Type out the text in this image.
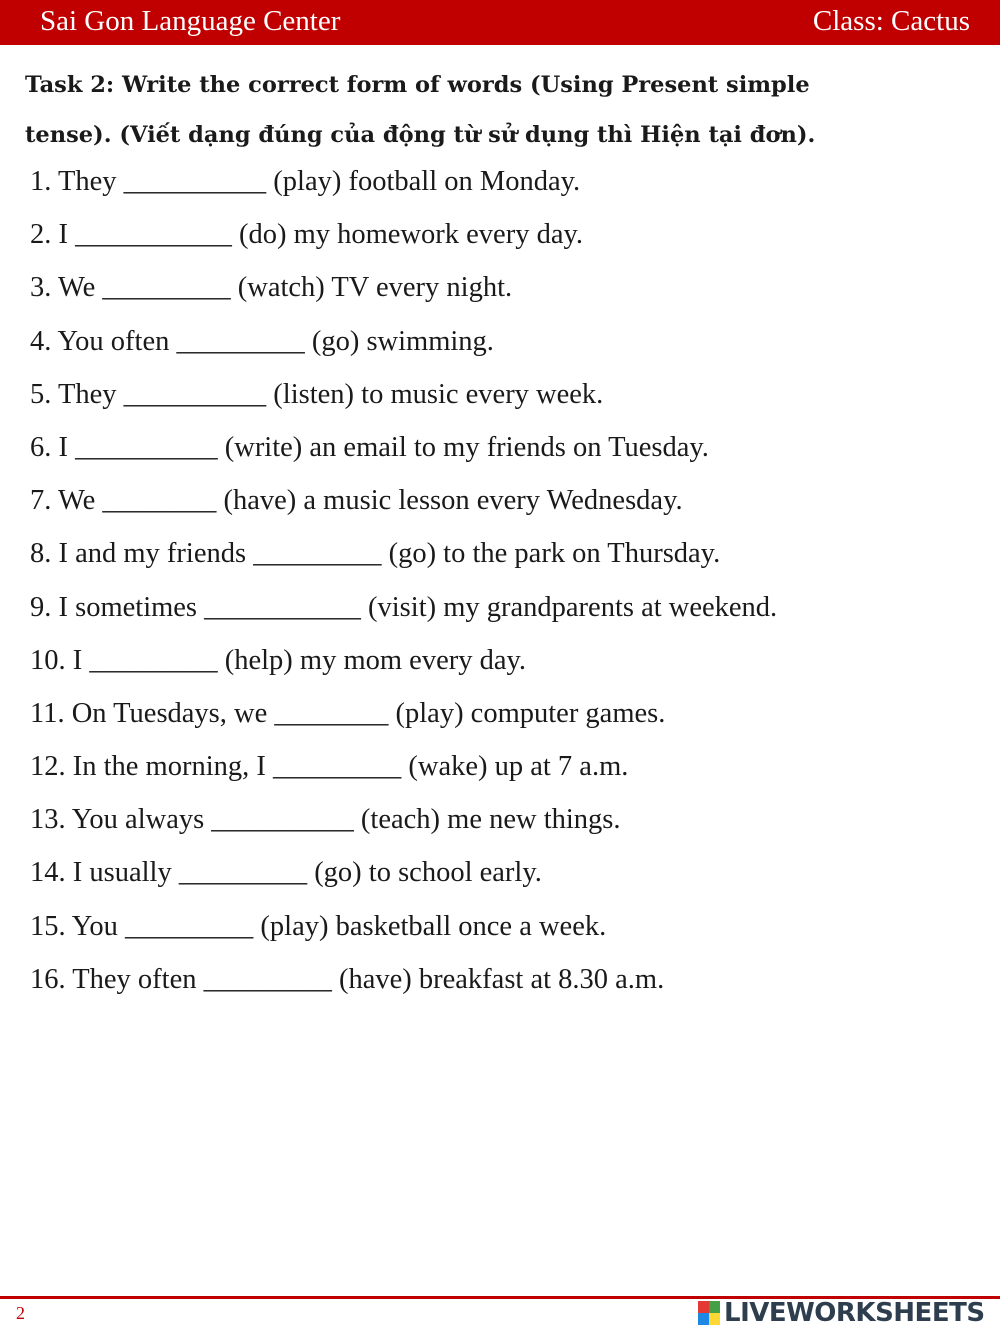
Sai Gon Language Center	Class: Cactus
Task 2: Write the correct form of words (Using Present simple
tense). (Viết dạng đúng của động từ sử dụng thì Hiện tại đơn).
1. They __________ (play) football on Monday.
2. I ___________ (do) my homework every day.
3. We _________ (watch) TV every night.
4. You often _________ (go) swimming.
5. They __________ (listen) to music every week.
6. I __________ (write) an email to my friends on Tuesday.
7. We ________ (have) a music lesson every Wednesday.
8. I and my friends _________ (go) to the park on Thursday.
9. I sometimes ___________ (visit) my grandparents at weekend.
10. I _________ (help) my mom every day.
11. On Tuesdays, we ________ (play) computer games.
12. In the morning, I _________ (wake) up at 7 a.m.
13. You always __________ (teach) me new things.
14. I usually _________ (go) to school early.
15. You _________ (play) basketball once a week.
16. They often _________ (have) breakfast at 8.30 a.m.
2	LIVEWORKSHEETS
